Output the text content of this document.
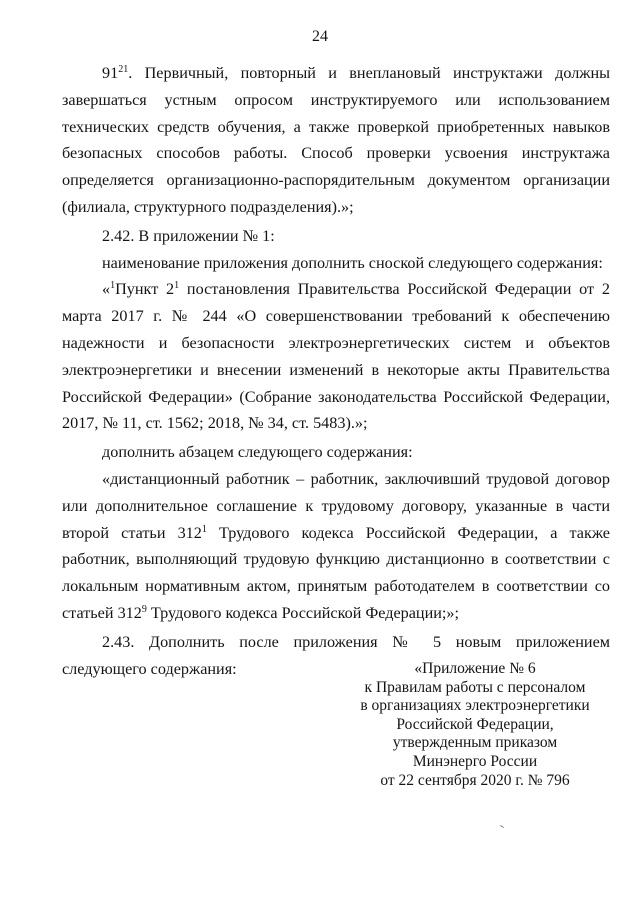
24

$91^{21}$. Первичный, повторный и внеплановый инструктажи должны завершаться устным опросом инструктируемого или использованием технических средств обучения, а также проверкой приобретенных навыков безопасных способов работы. Способ проверки усвоения инструктажа определяется организационно-распорядительным документом организации (филиала, структурного подразделения).»;

2.42. В приложении № 1:

наименование приложения дополнить сноской следующего содержания:

«$^1$Пункт $2^1$ постановления Правительства Российской Федерации от 2 марта 2017 г. № 244 «О совершенствовании требований к обеспечению надежности и безопасности электроэнергетических систем и объектов электроэнергетики и внесении изменений в некоторые акты Правительства Российской Федерации» (Собрание законодательства Российской Федерации, 2017, № 11, ст. 1562; 2018, № 34, ст. 5483).»;

дополнить абзацем следующего содержания:

«дистанционный работник – работник, заключивший трудовой договор или дополнительное соглашение к трудовому договору, указанные в части второй статьи $312^1$ Трудового кодекса Российской Федерации, а также работник, выполняющий трудовую функцию дистанционно в соответствии с локальным нормативным актом, принятым работодателем в соответствии со статьей $312^9$ Трудового кодекса Российской Федерации;»;

2.43. Дополнить после приложения № 5 новым приложением следующего содержания:	«Приложение № 6
к Правилам работы с персоналом
в организациях электроэнергетики
Российской Федерации,
утвержденным приказом
Минэнерго России
от 22 сентября 2020 г. № 796
